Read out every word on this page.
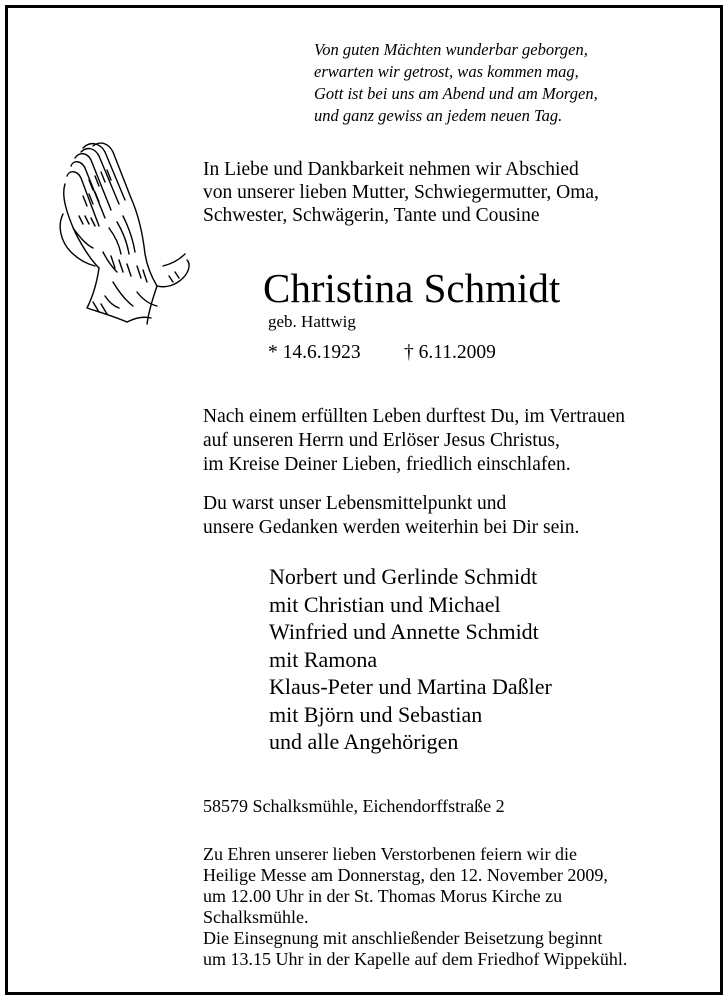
Von guten Mächten wunderbar geborgen,
erwarten wir getrost, was kommen mag,
Gott ist bei uns am Abend und am Morgen,
und ganz gewiss an jedem neuen Tag.
In Liebe und Dankbarkeit nehmen wir Abschied
von unserer lieben Mutter, Schwiegermutter, Oma,
Schwester, Schwägerin, Tante und Cousine
Christina Schmidt
geb. Hattwig
* 14.6.1923 † 6.11.2009
Nach einem erfüllten Leben durftest Du, im Vertrauen
auf unseren Herrn und Erlöser Jesus Christus,
im Kreise Deiner Lieben, friedlich einschlafen.
Du warst unser Lebensmittelpunkt und
unsere Gedanken werden weiterhin bei Dir sein.
Norbert und Gerlinde Schmidt
mit Christian und Michael
Winfried und Annette Schmidt
mit Ramona
Klaus-Peter und Martina Daßler
mit Björn und Sebastian
und alle Angehörigen
58579 Schalksmühle, Eichendorffstraße 2
Zu Ehren unserer lieben Verstorbenen feiern wir die
Heilige Messe am Donnerstag, den 12. November 2009,
um 12.00 Uhr in der St. Thomas Morus Kirche zu
Schalksmühle.
Die Einsegnung mit anschließender Beisetzung beginnt
um 13.15 Uhr in der Kapelle auf dem Friedhof Wippekühl.
